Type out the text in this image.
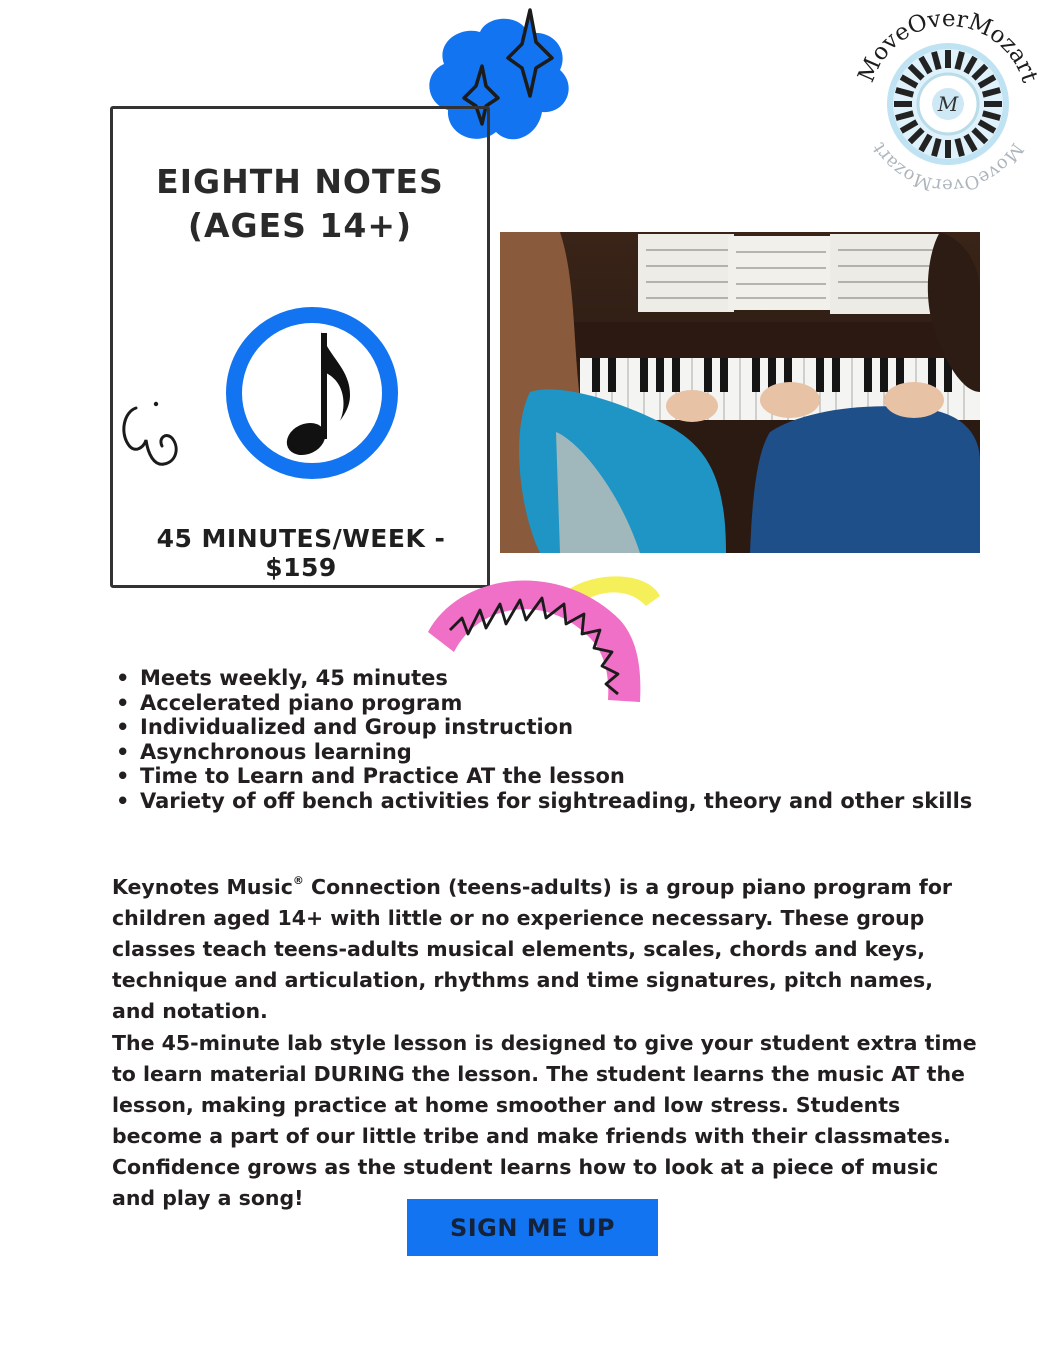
M
MoveOverMozart
MoveOverMozart
EIGHTH NOTES
(AGES 14+)
45 MINUTES/WEEK - $159
• Meets weekly, 45 minutes
• Accelerated piano program
• Individualized and Group instruction
• Asynchronous learning
• Time to Learn and Practice AT the lesson
• Variety of off bench activities for sightreading, theory and other skills

Keynotes Music® Connection (teens-adults) is a group piano program for children aged 14+ with little or no experience necessary. These group classes teach teens-adults musical elements, scales, chords and keys, technique and articulation, rhythms and time signatures, pitch names, and notation.

The 45-minute lab style lesson is designed to give your student extra time to learn material DURING the lesson. The student learns the music AT the lesson, making practice at home smoother and low stress. Students become a part of our little tribe and make friends with their classmates. Confidence grows as the student learns how to look at a piece of music and play a song!

SIGN ME UP
